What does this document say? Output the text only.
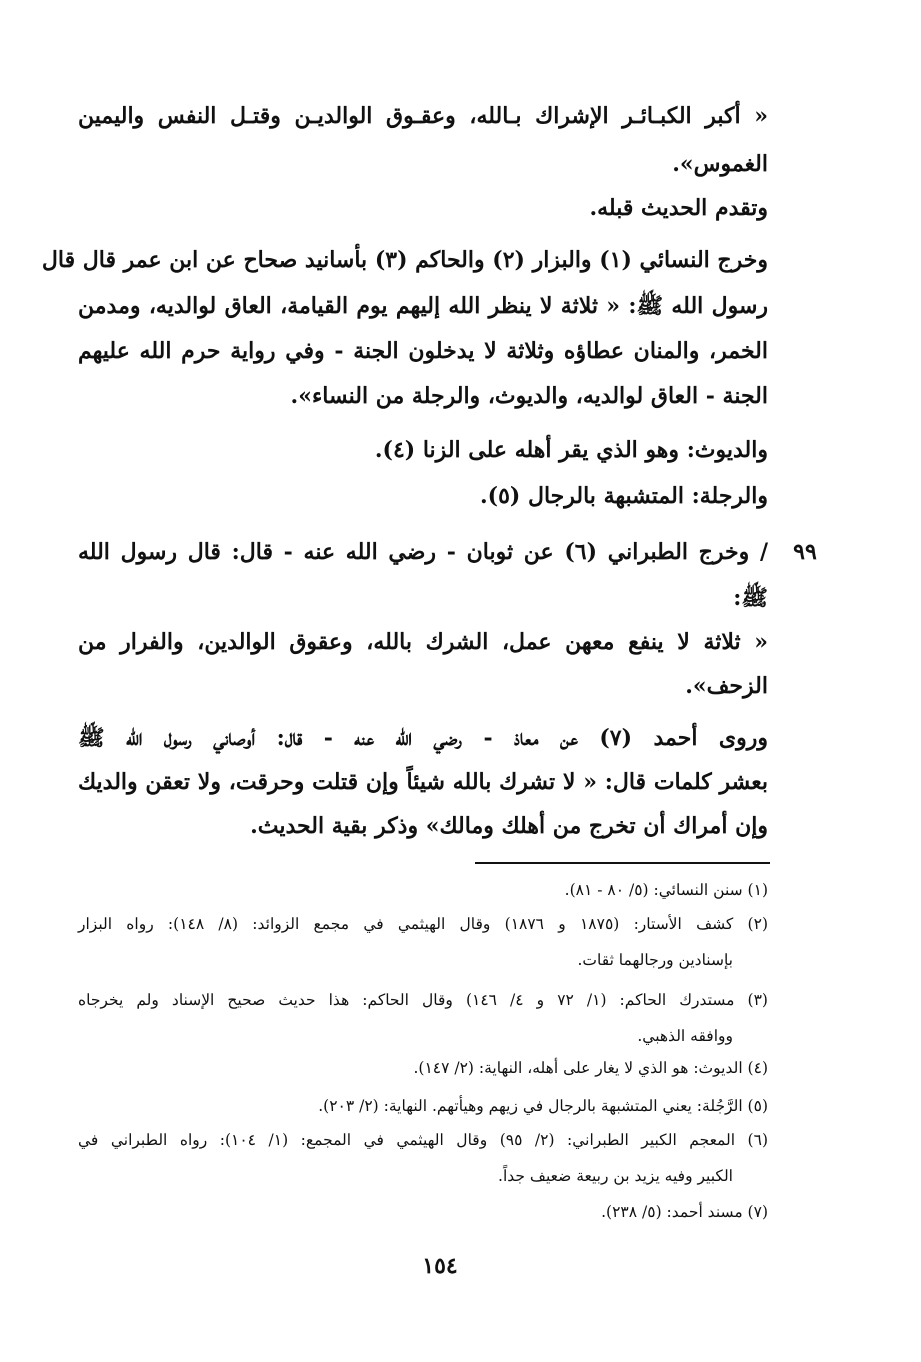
« أكبر الكبـائـر الإشراك بـالله، وعقـوق الوالديـن وقتـل النفس واليمين
الغموس».
وتقدم الحديث قبله.
وخرج النسائي (١) والبزار (٢) والحاكم (٣) بأسانيد صحاح عن ابن عمر قال قال
رسول الله ﷺ: « ثلاثة لا ينظر الله إليهم يوم القيامة، العاق لوالديه، ومدمن
الخمر، والمنان عطاؤه وثلاثة لا يدخلون الجنة - وفي رواية حرم الله عليهم
الجنة - العاق لوالديه، والديوث، والرجلة من النساء».
والديوث: وهو الذي يقر أهله على الزنا (٤).
والرجلة: المتشبهة بالرجال (٥).
٩٩
/ وخرج الطبراني (٦) عن ثوبان - رضي الله عنه - قال: قال رسول الله
ﷺ:
« ثلاثة لا ينفع معهن عمل، الشرك بالله، وعقوق الوالدين، والفرار من
الزحف».
وروى أحمد (٧) عن معاذ - رضي الله عنه - قال: أوصاني رسول الله ﷺ
بعشر كلمات قال: « لا تشرك بالله شيئاً وإن قتلت وحرقت، ولا تعقن والديك
وإن أمراك أن تخرج من أهلك ومالك» وذكر بقية الحديث.
(١) سنن النسائي: (٥/ ٨٠ - ٨١).
(٢) كشف الأستار: (١٨٧٥ و ١٨٧٦) وقال الهيثمي في مجمع الزوائد: (٨/ ١٤٨): رواه البزار
بإسنادين ورجالهما ثقات.
(٣) مستدرك الحاكم: (١/ ٧٢ و ٤/ ١٤٦) وقال الحاكم: هذا حديث صحيح الإسناد ولم يخرجاه
ووافقه الذهبي.
(٤) الديوث: هو الذي لا يغار على أهله، النهاية: (٢/ ١٤٧).
(٥) الرَّجُلة: يعني المتشبهة بالرجال في زيهم وهيأتهم. النهاية: (٢/ ٢٠٣).
(٦) المعجم الكبير الطبراني: (٢/ ٩٥) وقال الهيثمي في المجمع: (١/ ١٠٤): رواه الطبراني في
الكبير وفيه يزيد بن ربيعة ضعيف جداً.
(٧) مسند أحمد: (٥/ ٢٣٨).
١٥٤
